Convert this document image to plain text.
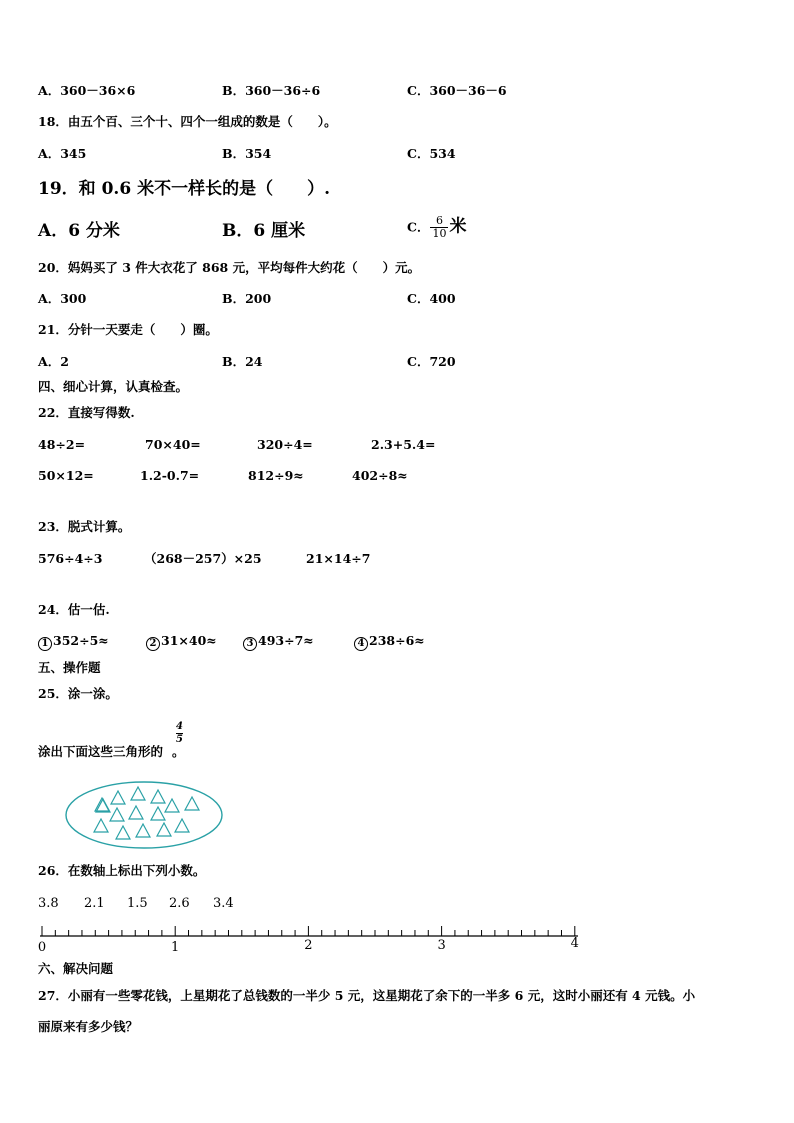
A．360－36×6	B．360－36÷6	C．360－36－6
18．由五个百、三个十、四个一组成的数是（　　）。
A．345	B．354	C．534
19．和 0.6 米不一样长的是（　　）.
A．6 分米	B．6 厘米	C． $\frac{6}{10}$ 米
20．妈妈买了 3 件大衣花了 868 元，平均每件大约花（　　）元。
A．300	B．200	C．400
21．分针一天要走（　　）圈。
A．2	B．24	C．720
四、细心计算，认真检查。
22．直接写得数.
48÷2=	70×40=	320÷4=	2.3+5.4=
50×12=	1.2-0.7=	812÷9≈	402÷8≈
23．脱式计算。
576÷4÷3	（268－257）×25	21×14÷7
24．估一估.
1 352÷5≈	2 31×40≈	3 493÷7≈	4 238÷6≈
五、操作题
25．涂一涂。
$\frac{4}{5}$
涂出下面这些三角形的 。
26．在数轴上标出下列小数。
3.8 2.1 1.5 2.6 3.4
0	1	2	3	4
六、解决问题
27．小丽有一些零花钱，上星期花了总钱数的一半少 5 元，这星期花了余下的一半多 6 元，这时小丽还有 4 元钱。小
丽原来有多少钱？
